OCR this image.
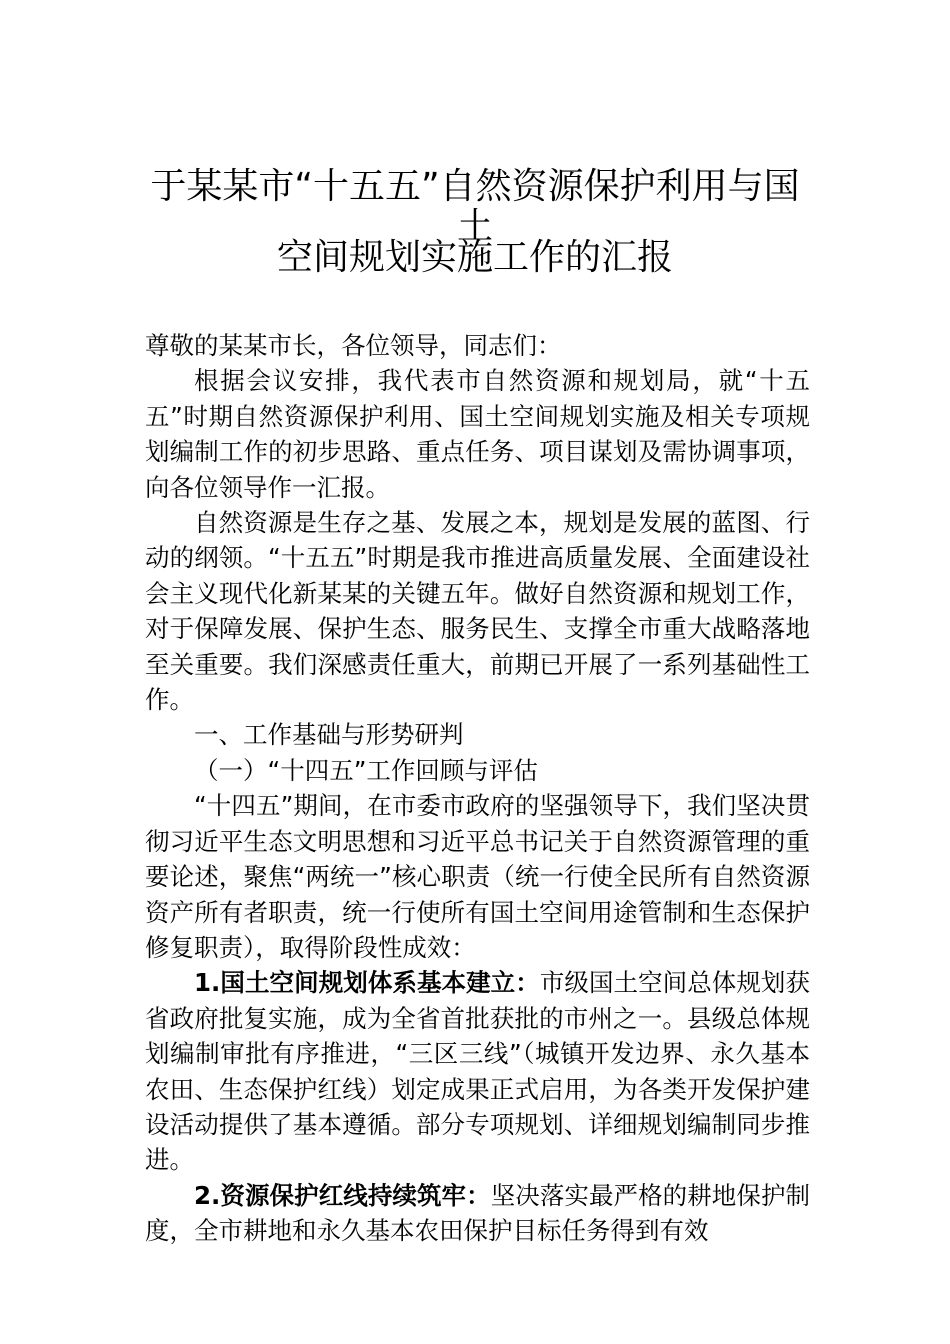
于某某市“十五五”自然资源保护利用与国土
空间规划实施工作的汇报

尊敬的某某市长，各位领导，同志们：

根据会议安排，我代表市自然资源和规划局，就“十五五”时期自然资源保护利用、国土空间规划实施及相关专项规划编制工作的初步思路、重点任务、项目谋划及需协调事项，向各位领导作一汇报。

自然资源是生存之基、发展之本，规划是发展的蓝图、行动的纲领。“十五五”时期是我市推进高质量发展、全面建设社会主义现代化新某某的关键五年。做好自然资源和规划工作，对于保障发展、保护生态、服务民生、支撑全市重大战略落地至关重要。我们深感责任重大，前期已开展了一系列基础性工作。

一、工作基础与形势研判

（一）“十四五”工作回顾与评估

“十四五”期间，在市委市政府的坚强领导下，我们坚决贯彻习近平生态文明思想和习近平总书记关于自然资源管理的重要论述，聚焦“两统一”核心职责（统一行使全民所有自然资源资产所有者职责，统一行使所有国土空间用途管制和生态保护修复职责），取得阶段性成效：

1.国土空间规划体系基本建立：市级国土空间总体规划获省政府批复实施，成为全省首批获批的市州之一。县级总体规划编制审批有序推进，“三区三线”（城镇开发边界、永久基本农田、生态保护红线）划定成果正式启用，为各类开发保护建设活动提供了基本遵循。部分专项规划、详细规划编制同步推进。

2.资源保护红线持续筑牢：坚决落实最严格的耕地保护制度，全市耕地和永久基本农田保护目标任务得到有效
